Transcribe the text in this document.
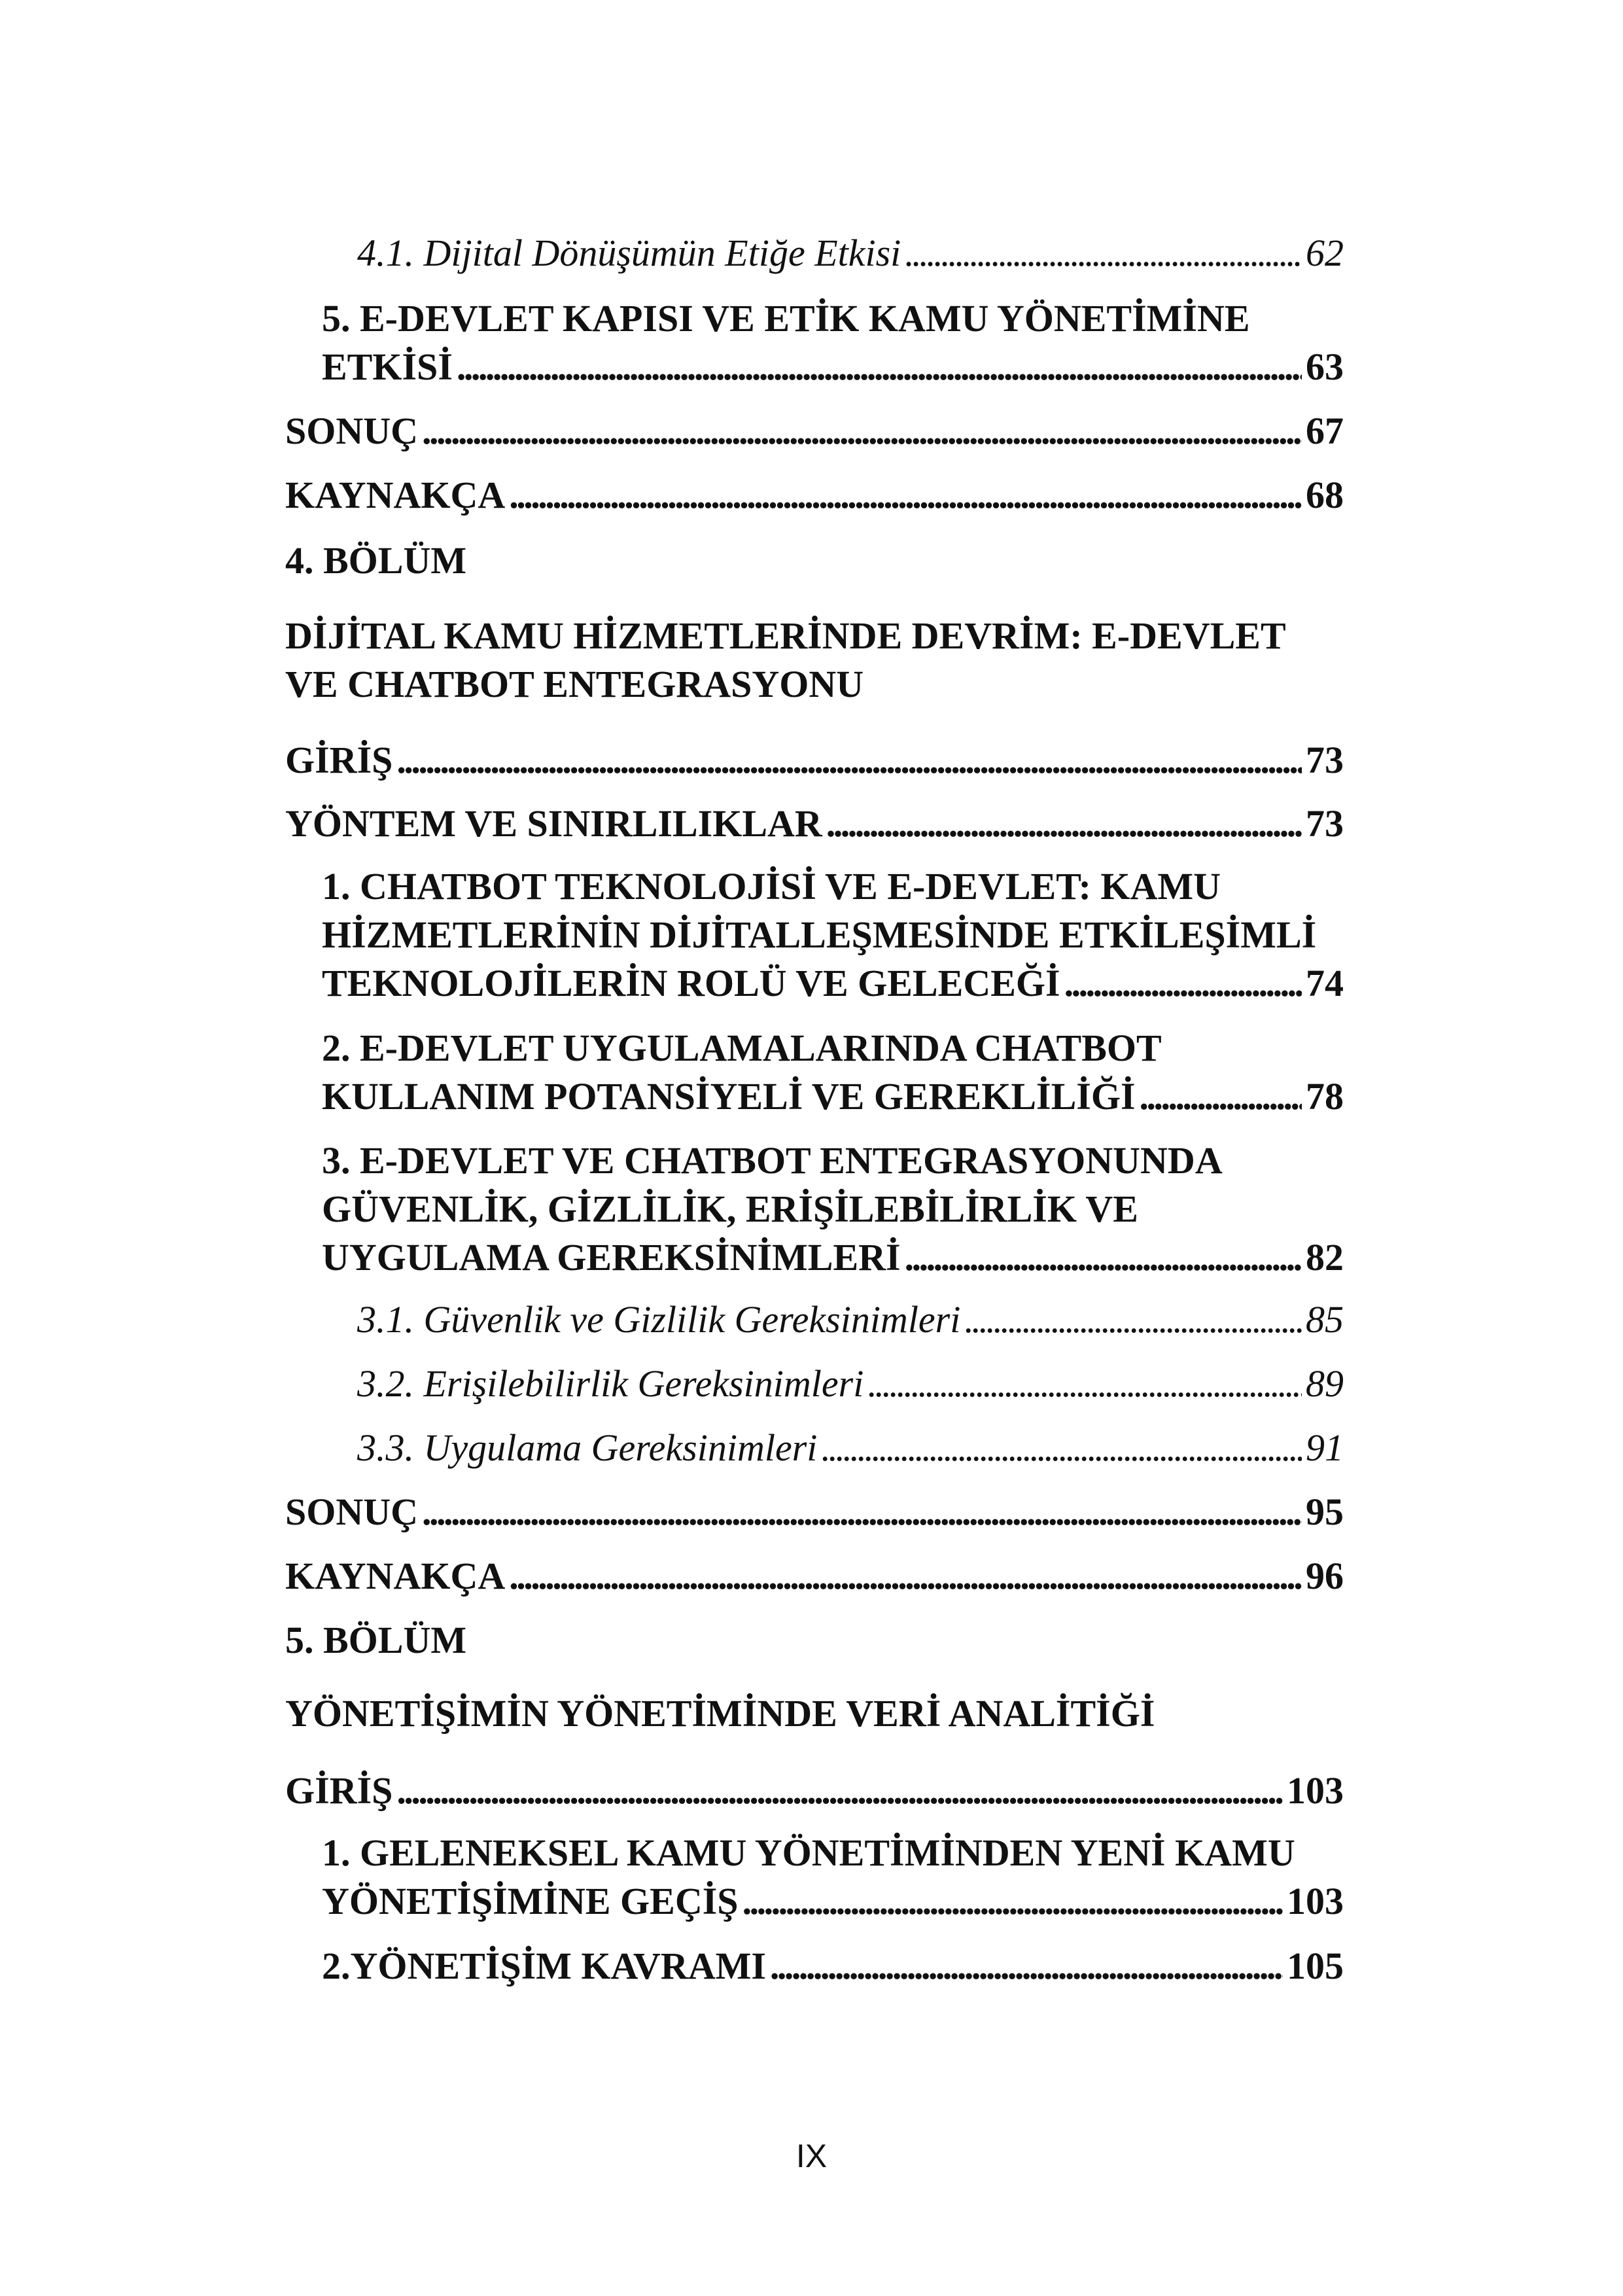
4.1. Dijital Dönüşümün Etiğe Etkisi . . .	62
5. E-DEVLET KAPISI VE ETİK KAMU YÖNETİMİNE
ETKİSİ . . .	63
SONUÇ . . .	67
KAYNAKÇA . . .	68
4. BÖLÜM
DİJİTAL KAMU HİZMETLERİNDE DEVRİM: E-DEVLET
VE CHATBOT ENTEGRASYONU
GİRİŞ . . .	73
YÖNTEM VE SINIRLILIKLAR . . .	73
1. CHATBOT TEKNOLOJİSİ VE E-DEVLET: KAMU
HİZMETLERİNİN DİJİTALLEŞMESİNDE ETKİLEŞİMLİ
TEKNOLOJİLERİN ROLÜ VE GELECEĞİ . . .	74
2. E-DEVLET UYGULAMALARINDA CHATBOT
KULLANIM POTANSİYELİ VE GEREKLİLİĞİ . . .	78
3. E-DEVLET VE CHATBOT ENTEGRASYONUNDA
GÜVENLİK, GİZLİLİK, ERİŞİLEBİLİRLİK VE
UYGULAMA GEREKSİNİMLERİ . . .	82
3.1. Güvenlik ve Gizlilik Gereksinimleri . . .	85
3.2. Erişilebilirlik Gereksinimleri . . .	89
3.3. Uygulama Gereksinimleri . . .	91
SONUÇ . . .	95
KAYNAKÇA . . .	96
5. BÖLÜM
YÖNETİŞİMİN YÖNETİMİNDE VERİ ANALİTİĞİ
GİRİŞ . . .	103
1. GELENEKSEL KAMU YÖNETİMİNDEN YENİ KAMU
YÖNETİŞİMİNE GEÇİŞ . . .	103
2.YÖNETİŞİM KAVRAMI . . .	105
IX
